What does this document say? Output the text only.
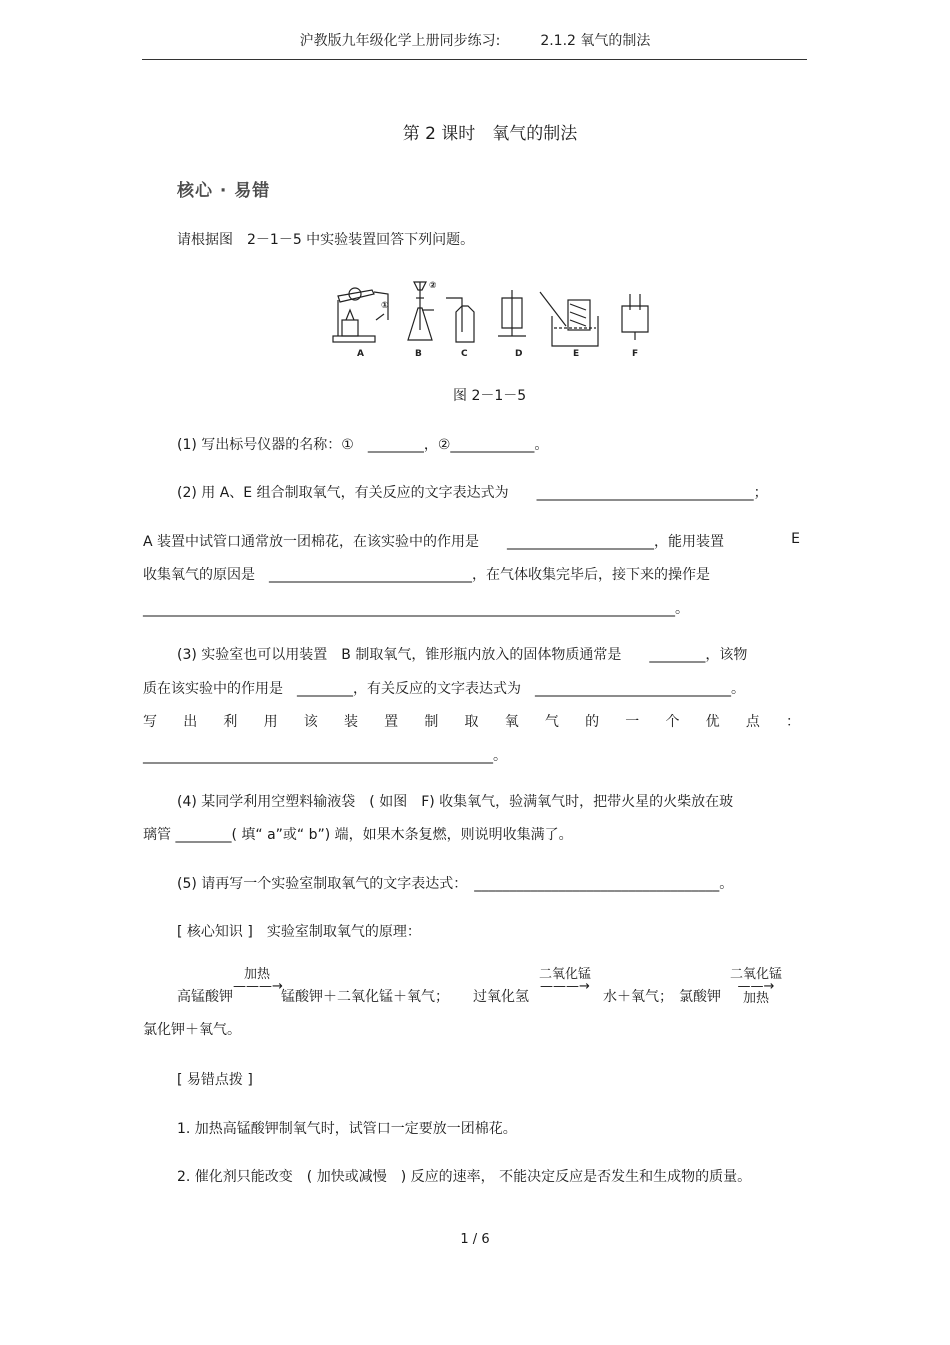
沪教版九年级化学上册同步练习:	2.1.2 氧气的制法
第 2 课时　氧气的制法
核心 · 易错
请根据图　2－1－5 中实验装置回答下列问题。
①
②
A	B	C	D	E	F
图 2－1－5
(1) 写出标号仪器的名称：①　________，②____________。
(2) 用 A、E 组合制取氧气，有关反应的文字表达式为　　_______________________________；
A 装置中试管口通常放一团棉花，在该实验中的作用是　　_____________________，能用装置	E
收集氧气的原因是　_____________________________，在气体收集完毕后，接下来的操作是
____________________________________________________________________________。
(3) 实验室也可以用装置　B 制取氧气，锥形瓶内放入的固体物质通常是　　________，该物
质在该实验中的作用是　________，有关反应的文字表达式为　____________________________。
写 出 利 用 该 装 置 制 取 氧 气 的 一 个 优 点 ：
__________________________________________________。
(4) 某同学利用空塑料输液袋　( 如图　F) 收集氧气，验满氧气时，把带火星的火柴放在玻
璃管 ________( 填“ a”或“ b”) 端，如果木条复燃，则说明收集满了。
(5) 请再写一个实验室制取氧气的文字表达式：　___________________________________。
[ 核心知识 ]　实验室制取氧气的原理：
高锰酸钾
加热
———→

锰酸钾＋二氧化锰＋氧气； 过氧化氢
二氧化锰
———→

水＋氧气； 氯酸钾
二氧化锰
——→
加热
氯化钾＋氧气。
[ 易错点拨 ]
1. 加热高锰酸钾制氧气时，试管口一定要放一团棉花。
2. 催化剂只能改变　( 加快或减慢　) 反应的速率， 不能决定反应是否发生和生成物的质量。
1 / 6
